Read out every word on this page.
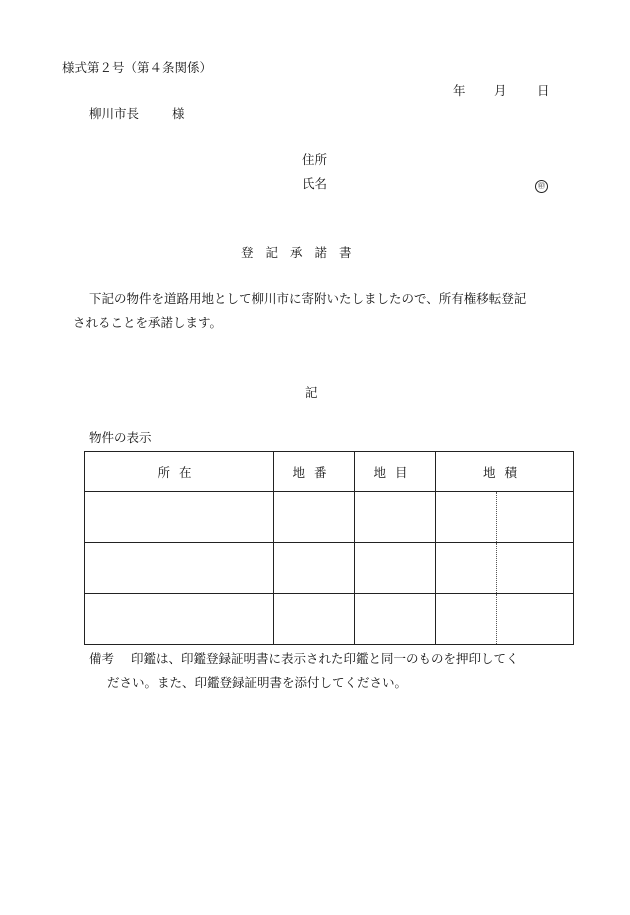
様式第２号（第４条関係）
年 月 日
柳川市長	様
住所
氏名	㊞
登記承諾書
下記の物件を道路用地として柳川市に寄附いたしましたので、所有権移転登記
されることを承諾します。
記
物件の表示
所在	地番	地目	地積	

備考 印鑑は、印鑑登録証明書に表示された印鑑と同一のものを押印してく
ださい。また、印鑑登録証明書を添付してください。
